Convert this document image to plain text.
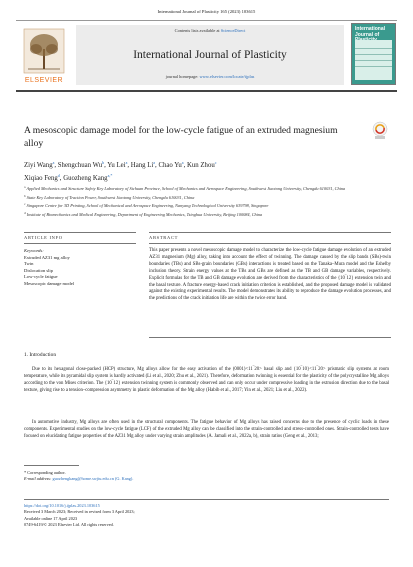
International Journal of Plasticity 165 (2023) 103615
ELSEVIER
Contents lists available at ScienceDirect
International Journal of Plasticity
journal homepage: www.elsevier.com/locate/ijplas
International Journal of
A mesoscopic damage model for the low-cycle fatigue of an extruded magnesium alloy
Ziyi Wang$^a$, Shengchuan Wu$^b$, Yu Lei$^a$, Hang Li$^a$, Chao Yu$^a$, Kun Zhou$^c$
Xiqiao Feng$^d$, Guozheng Kang$^{a,*}$
$^a$ Applied Mechanics and Structure Safety Key Laboratory of Sichuan Province, School of Mechanics and Aerospace Engineering, Southwest Jiaotong University, Chengdu 610031, China
$^b$ State Key Laboratory of Traction Power, Southwest Jiaotong University, Chengdu 610031, China
$^c$ Singapore Centre for 3D Printing, School of Mechanical and Aerospace Engineering, Nanyang Technological University 639798, Singapore
$^d$ Institute of Biomechanics and Medical Engineering, Department of Engineering Mechanics, Tsinghua University, Beijing 100084, China
ARTICLE INFO	ABSTRACT
Keywords:
Extruded AZ31 mg alloy
Twin
Dislocation slip
Low-cycle fatigue
Mesoscopic damage model
This paper presents a novel mesoscopic damage model to characterize the low-cycle fatigue damage evolution of an extruded AZ31 magnesium (Mg) alloy, taking into account the effect of twinning. The damage caused by the slip bands (SBs)-twin boundaries (TBs) and SBs-grain boundaries (GBs) interactions is treated based on the Tanaka–Mura model and the Eshelby inclusion theory. Strain energy values at the TBs and GBs are defined as the TB and GB damage variables, respectively. Explicit formulas for the TB and GB damage evolution are derived from the characteristics of the {10‾12} extension twin and the basal texture. A fracture energy-based crack initiation criterion is established, and the proposed damage model is validated against the existing experimental results. The model demonstrates its ability to reproduce the damage evolution processes, and the predictions of the crack initiation life are within the twice error band.
1. Introduction
Due to its hexagonal close-packed (HCP) structure, Mg alloys allow for the easy activation of the (0001)<11‾20> basal slip and {10‾10}<11‾20> prismatic slip systems at room temperature, while its pyramidal slip system is hardly activated (Li et al., 2020; Zhu et al., 2021). Therefore, deformation twinning is essential for the plasticity of the polycrystalline Mg alloys according to the von Mises criterion. The {10‾12} extension twinning system is commonly observed and can only occur under compressive loading in the extrusion direction due to the basal texture, giving rise to a tension–compression asymmetry in plastic deformation of the Mg alloy (Habib et al., 2017; Yin et al., 2021; Liu et al., 2022).
In automotive industry, Mg alloys are often used in the structural components. The fatigue behavior of Mg alloys has raised concerns due to the presence of cyclic loads in these components. Experimental studies on the low-cycle fatigue (LCF) of the extruded Mg alloy can be classified into the strain-controlled and stress-controlled ones. Strain-controlled tests have focused on elucidating fatigue properties of the AZ31 Mg alloy under varying strain amplitudes (A. Jamali et al., 2022a, b), strain ratios (Geng et al., 2013;
* Corresponding author.
E-mail address: guozhengkang@home.swjtu.edu.cn (G. Kang).
https://doi.org/10.1016/j.ijplas.2023.103615
Received 3 March 2023; Received in revised form 3 April 2023;
Available online 17 April 2023
0749-6419/© 2023 Elsevier Ltd. All rights reserved.
